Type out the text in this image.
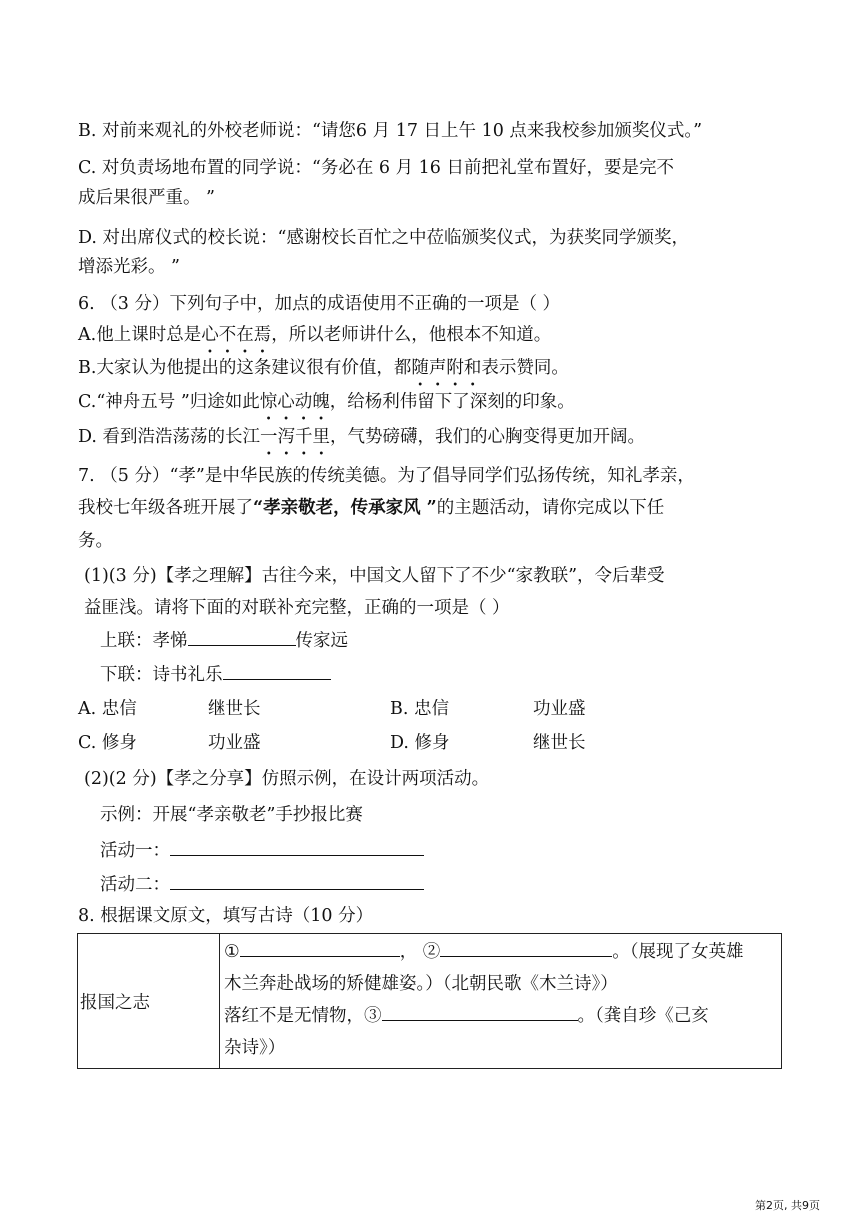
B. 对前来观礼的外校老师说：“请您6 月 17 日上午 10 点来我校参加颁奖仪式。”
C. 对负责场地布置的同学说：“务必在 6 月 16 日前把礼堂布置好，要是完不
成后果很严重。 ”
D. 对出席仪式的校长说：“感谢校长百忙之中莅临颁奖仪式，为获奖同学颁奖，
增添光彩。 ”
6. （3 分）下列句子中，加点的成语使用不正确的一项是（ ）
A.他上课时总是心不在焉，所以老师讲什么，他根本不知道。
B.大家认为他提出的这条建议很有价值，都随声附和表示赞同。
C.“神舟五号 ”归途如此惊心动魄，给杨利伟留下了深刻的印象。
D. 看到浩浩荡荡的长江一泻千里，气势磅礴，我们的心胸变得更加开阔。
7. （5 分）“孝”是中华民族的传统美德。为了倡导同学们弘扬传统，知礼孝亲，
我校七年级各班开展了“孝亲敬老，传承家风 ”的主题活动，请你完成以下任
务。
(1)(3 分)【孝之理解】古往今来，中国文人留下了不少“家教联”，令后辈受
益匪浅。请将下面的对联补充完整，正确的一项是（ ）
上联：孝悌	传家远
下联：诗书礼乐
A. 忠信	继世长	B. 忠信	功业盛
C. 修身	功业盛	D. 修身	继世长
(2)(2 分)【孝之分享】仿照示例，在设计两项活动。
示例：开展“孝亲敬老”手抄报比赛
活动一：
活动二：
8. 根据课文原文，填写古诗（10 分）
报国之志	
①	， ②	。（展现了女英雄
木兰奔赴战场的矫健雄姿。）（北朝民歌《木兰诗》）
落红不是无情物，③	。（龚自珍《己亥
杂诗》）
第2页, 共9页
